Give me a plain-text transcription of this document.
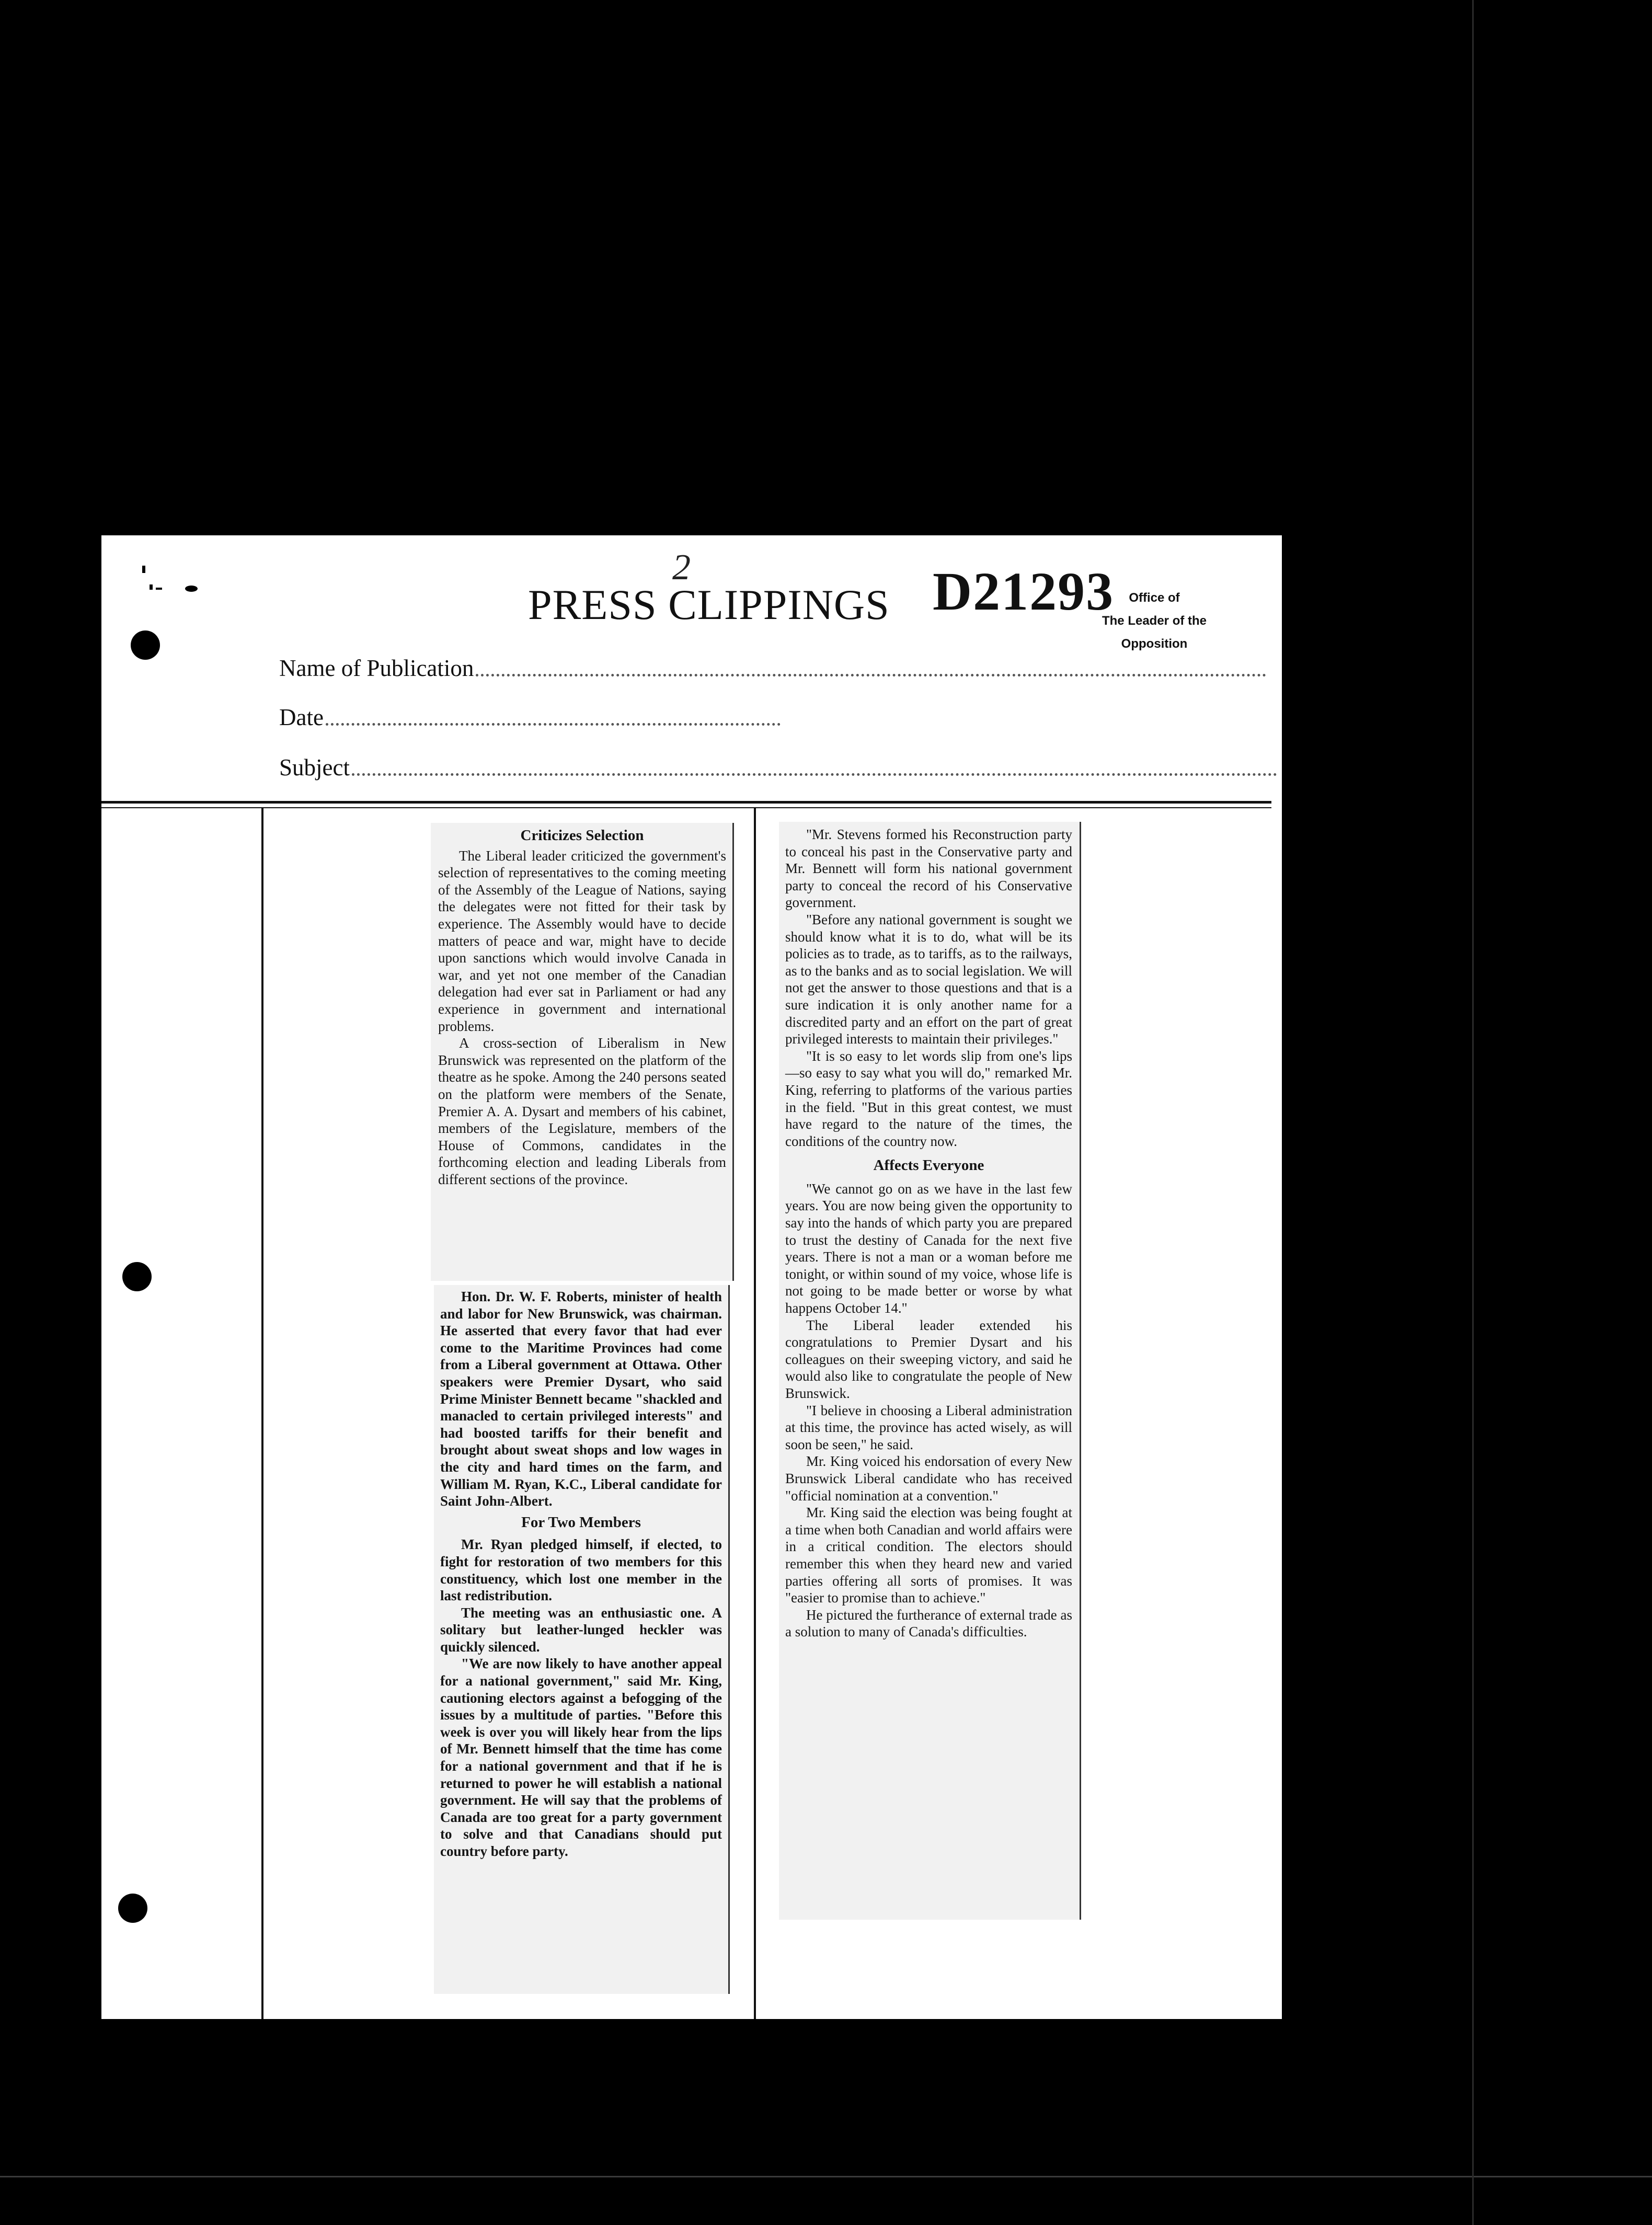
2
PRESS CLIPPINGS D21293	Office of
The Leader of the Opposition
Name of Publication
Date
Subject
Criticizes Selection

The Liberal leader criticized the government's selection of representatives to the coming meeting of the Assembly of the League of Nations, saying the delegates were not fitted for their task by experience. The Assembly would have to decide matters of peace and war, might have to decide upon sanctions which would involve Canada in war, and yet not one member of the Canadian delegation had ever sat in Parliament or had any experience in government and international problems.

A cross-section of Liberalism in New Brunswick was represented on the platform of the theatre as he spoke. Among the 240 persons seated on the platform were members of the Senate, Premier A. A. Dysart and members of his cabinet, members of the Legislature, members of the House of Commons, candidates in the forthcoming election and leading Liberals from different sections of the province.

Hon. Dr. W. F. Roberts, minister of health and labor for New Brunswick, was chairman. He asserted that every favor that had ever come to the Maritime Provinces had come from a Liberal government at Ottawa. Other speakers were Premier Dysart, who said Prime Minister Bennett became "shackled and manacled to certain privileged interests" and had boosted tariffs for their benefit and brought about sweat shops and low wages in the city and hard times on the farm, and William M. Ryan, K.C., Liberal candidate for Saint John-Albert.

For Two Members

Mr. Ryan pledged himself, if elected, to fight for restoration of two members for this constituency, which lost one member in the last redistribution.

The meeting was an enthusiastic one. A solitary but leather-lunged heckler was quickly silenced.

"We are now likely to have another appeal for a national government," said Mr. King, cautioning electors against a befogging of the issues by a multitude of parties. "Before this week is over you will likely hear from the lips of Mr. Bennett himself that the time has come for a national government and that if he is returned to power he will establish a national government. He will say that the problems of Canada are too great for a party government to solve and that Canadians should put country before party.

"Mr. Stevens formed his Reconstruction party to conceal his past in the Conservative party and Mr. Bennett will form his national government party to conceal the record of his Conservative government.

"Before any national government is sought we should know what it is to do, what will be its policies as to trade, as to tariffs, as to the railways, as to the banks and as to social legislation. We will not get the answer to those questions and that is a sure indication it is only another name for a discredited party and an effort on the part of great privileged interests to maintain their privileges."

"It is so easy to let words slip from one's lips—so easy to say what you will do," remarked Mr. King, referring to platforms of the various parties in the field. "But in this great contest, we must have regard to the nature of the times, the conditions of the country now.

Affects Everyone

"We cannot go on as we have in the last few years. You are now being given the opportunity to say into the hands of which party you are prepared to trust the destiny of Canada for the next five years. There is not a man or a woman before me tonight, or within sound of my voice, whose life is not going to be made better or worse by what happens October 14."

The Liberal leader extended his congratulations to Premier Dysart and his colleagues on their sweeping victory, and said he would also like to congratulate the people of New Brunswick.

"I believe in choosing a Liberal administration at this time, the province has acted wisely, as will soon be seen," he said.

Mr. King voiced his endorsation of every New Brunswick Liberal candidate who has received "official nomination at a convention."

Mr. King said the election was being fought at a time when both Canadian and world affairs were in a critical condition. The electors should remember this when they heard new and varied parties offering all sorts of promises. It was "easier to promise than to achieve."

He pictured the furtherance of external trade as a solution to many of Canada's difficulties.
